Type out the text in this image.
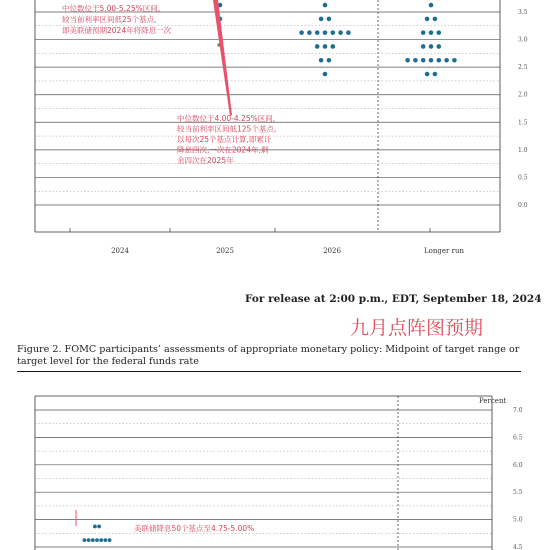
3.5
3.0
2.5
2.0
1.5
1.0
0.5
0.0
2024	2025	2026	Longer run
中位数位于5.00-5.25%区间,
较当前利率区间低25个基点,
即美联储预期2024年将降息一次
中位数位于4.00-4.25%区间,
较当前利率区间低125个基点,
以每次25个基点计算,即累计
降息四次,一次在2024年,剩
余四次在2025年
7.0
6.5
6.0
5.5
5.0
4.5
美联储降息50个基点至4.75-5.00%
For release at 2:00 p.m., EDT, September 18, 2024
九月点阵图预期
Figure 2. FOMC participants’ assessments of appropriate monetary policy: Midpoint of target range or target level for the federal funds rate
Percent
